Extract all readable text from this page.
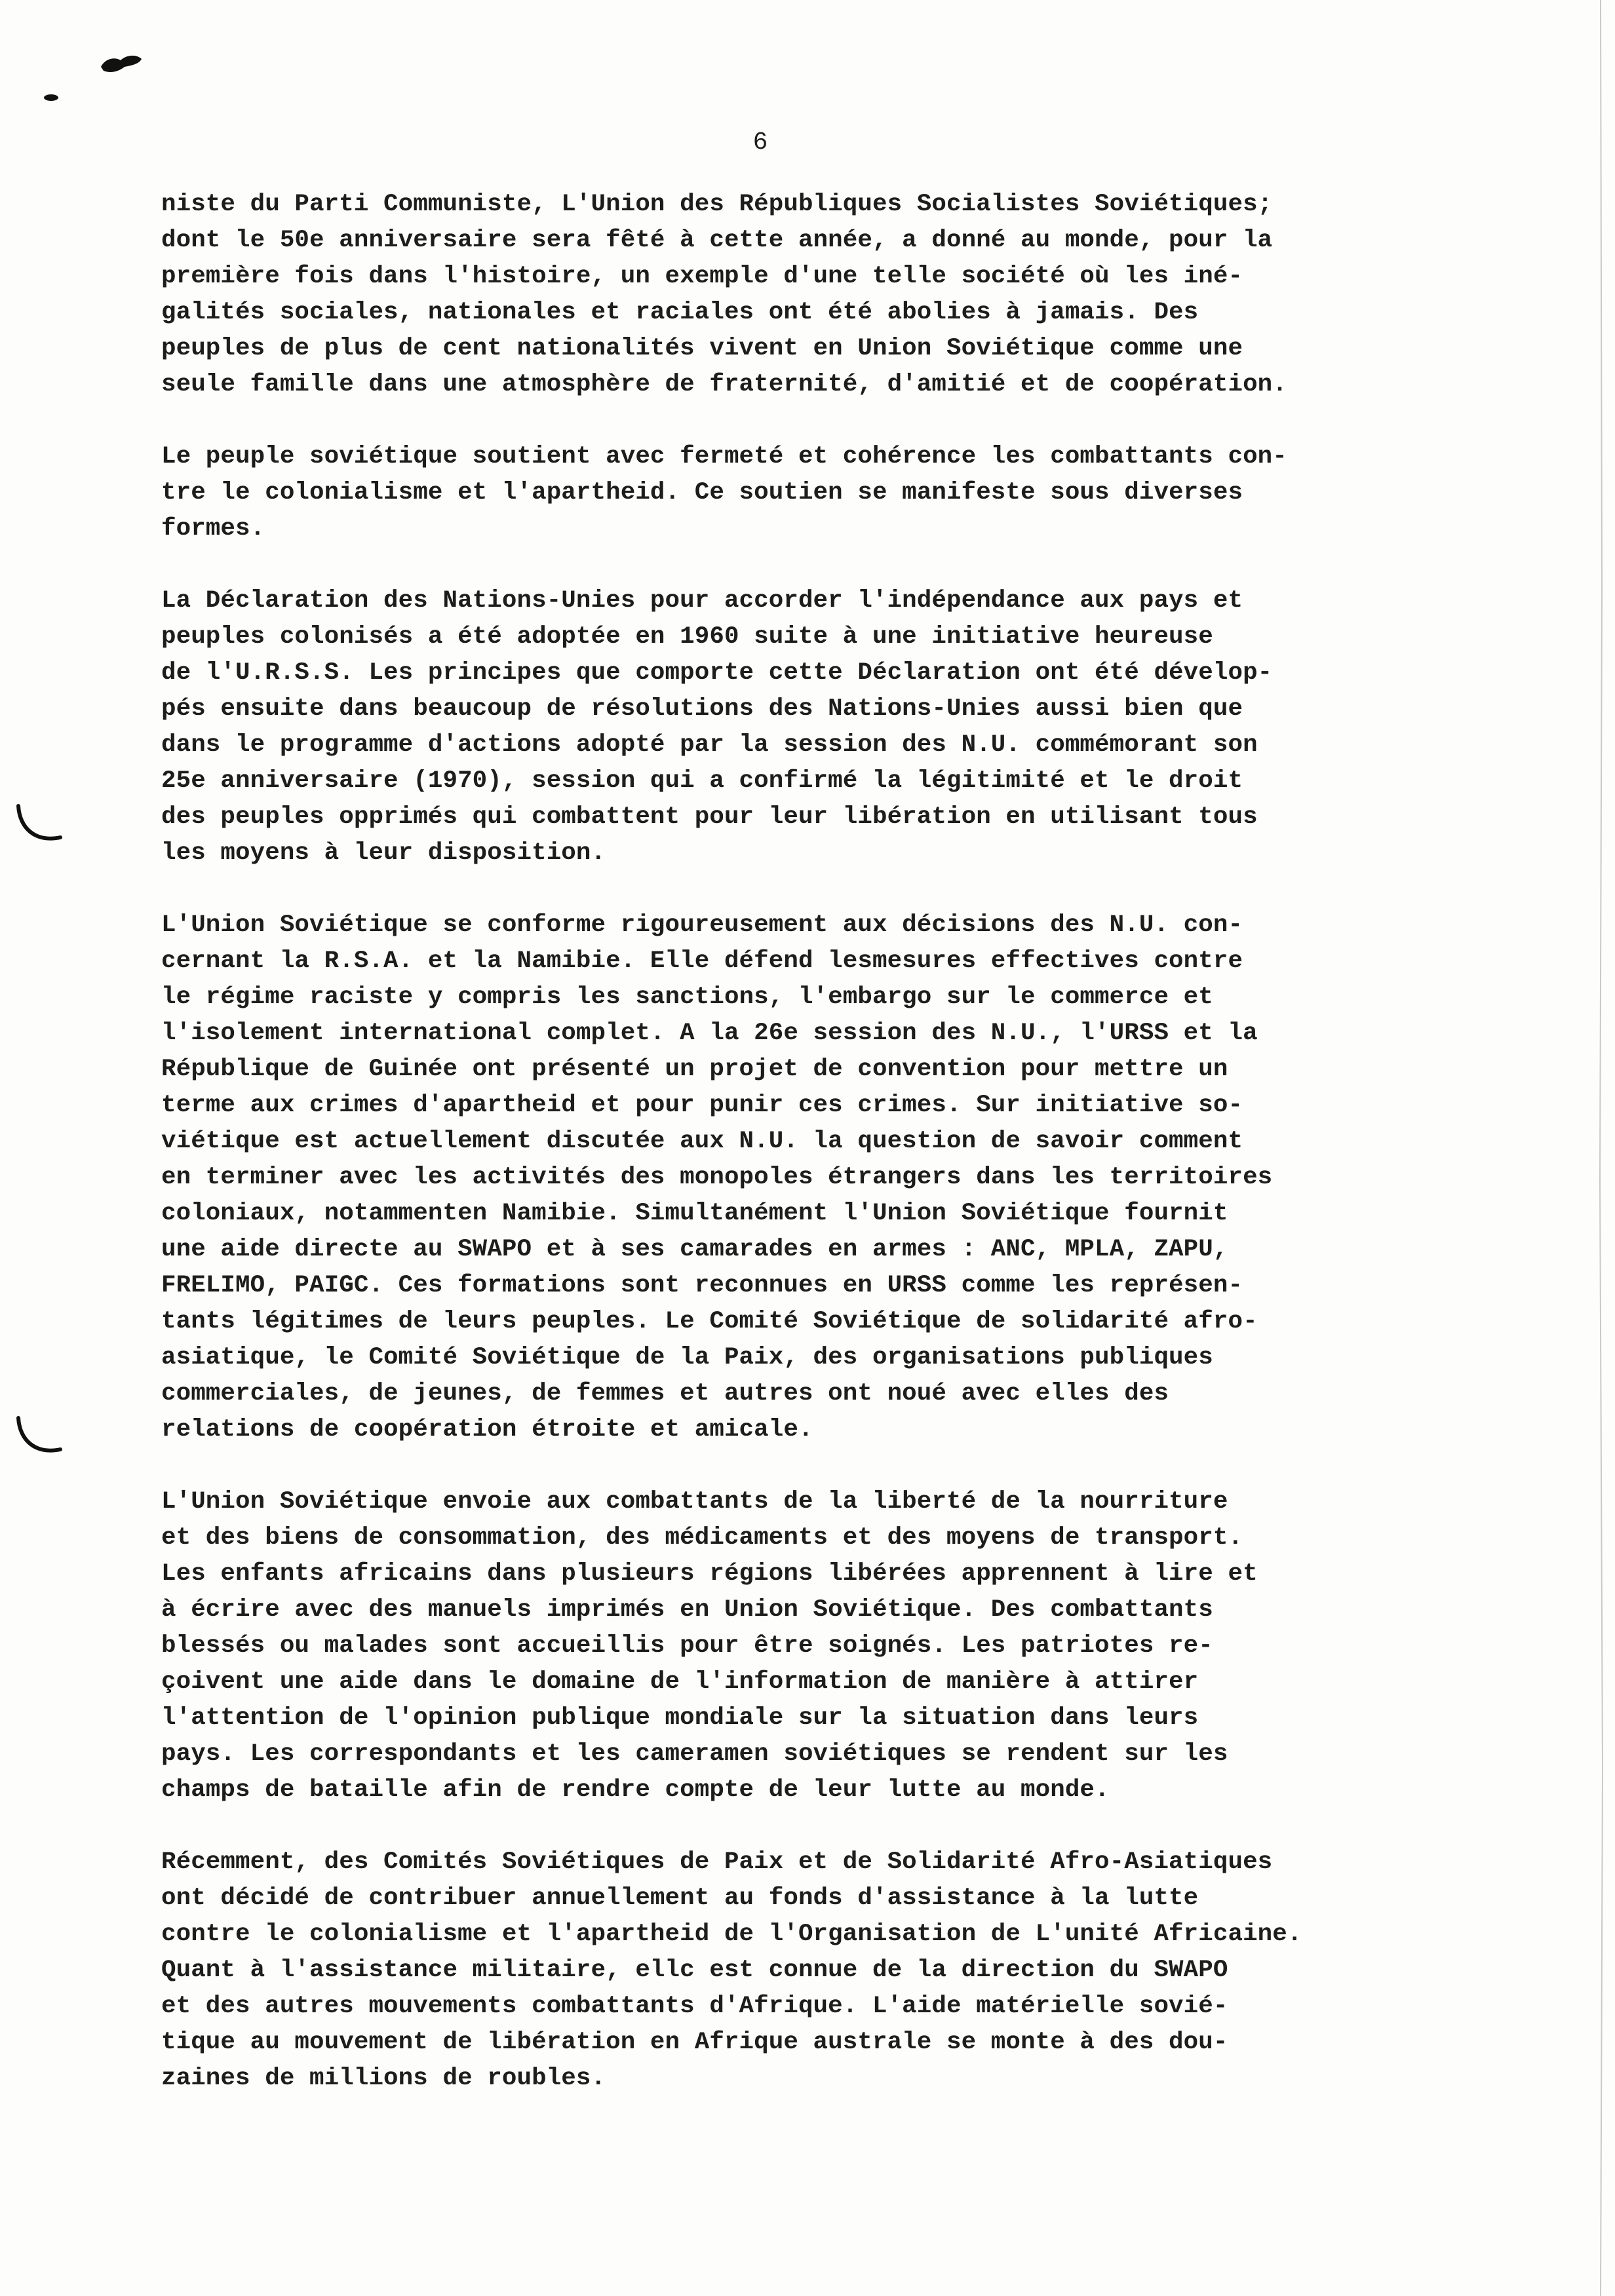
6
niste du Parti Communiste, L'Union des Républiques Socialistes Soviétiques;
dont le 50e anniversaire sera fêté à cette année, a donné au monde, pour la
première fois dans l'histoire, un exemple d'une telle société où les iné-
galités sociales, nationales et raciales ont été abolies à jamais. Des
peuples de plus de cent nationalités vivent en Union Soviétique comme une
seule famille dans une atmosphère de fraternité, d'amitié et de coopération.
Le peuple soviétique soutient avec fermeté et cohérence les combattants con-
tre le colonialisme et l'apartheid. Ce soutien se manifeste sous diverses
formes.
La Déclaration des Nations-Unies pour accorder l'indépendance aux pays et
peuples colonisés a été adoptée en 1960 suite à une initiative heureuse
de l'U.R.S.S. Les principes que comporte cette Déclaration ont été dévelop-
pés ensuite dans beaucoup de résolutions des Nations-Unies aussi bien que
dans le programme d'actions adopté par la session des N.U. commémorant son
25e anniversaire (1970), session qui a confirmé la légitimité et le droit
des peuples opprimés qui combattent pour leur libération en utilisant tous
les moyens à leur disposition.
L'Union Soviétique se conforme rigoureusement aux décisions des N.U. con-
cernant la R.S.A. et la Namibie. Elle défend lesmesures effectives contre
le régime raciste y compris les sanctions, l'embargo sur le commerce et
l'isolement international complet. A la 26e session des N.U., l'URSS et la
République de Guinée ont présenté un projet de convention pour mettre un
terme aux crimes d'apartheid et pour punir ces crimes. Sur initiative so-
viétique est actuellement discutée aux N.U. la question de savoir comment
en terminer avec les activités des monopoles étrangers dans les territoires
coloniaux, notammenten Namibie. Simultanément l'Union Soviétique fournit
une aide directe au SWAPO et à ses camarades en armes : ANC, MPLA, ZAPU,
FRELIMO, PAIGC. Ces formations sont reconnues en URSS comme les représen-
tants légitimes de leurs peuples. Le Comité Soviétique de solidarité afro-
asiatique, le Comité Soviétique de la Paix, des organisations publiques
commerciales, de jeunes, de femmes et autres ont noué avec elles des
relations de coopération étroite et amicale.
L'Union Soviétique envoie aux combattants de la liberté de la nourriture
et des biens de consommation, des médicaments et des moyens de transport.
Les enfants africains dans plusieurs régions libérées apprennent à lire et
à écrire avec des manuels imprimés en Union Soviétique. Des combattants
blessés ou malades sont accueillis pour être soignés. Les patriotes re-
çoivent une aide dans le domaine de l'information de manière à attirer
l'attention de l'opinion publique mondiale sur la situation dans leurs
pays. Les correspondants et les cameramen soviétiques se rendent sur les
champs de bataille afin de rendre compte de leur lutte au monde.
Récemment, des Comités Soviétiques de Paix et de Solidarité Afro-Asiatiques
ont décidé de contribuer annuellement au fonds d'assistance à la lutte
contre le colonialisme et l'apartheid de l'Organisation de L'unité Africaine.
Quant à l'assistance militaire, ellc est connue de la direction du SWAPO
et des autres mouvements combattants d'Afrique. L'aide matérielle sovié-
tique au mouvement de libération en Afrique australe se monte à des dou-
zaines de millions de roubles.
